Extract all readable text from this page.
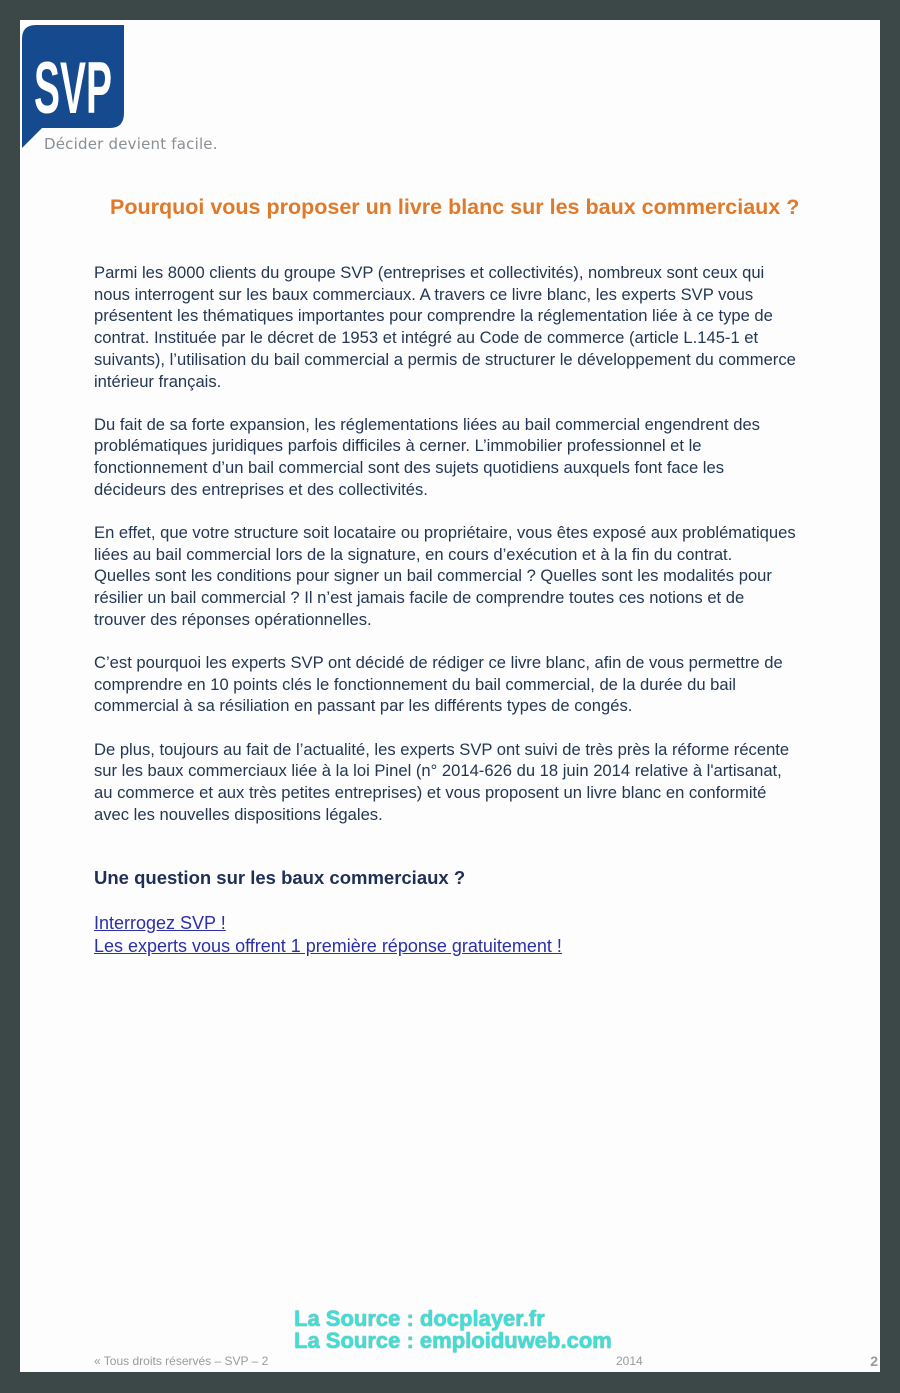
SVP
Décider devient facile.
Pourquoi vous proposer un livre blanc sur les baux commerciaux ?

Parmi les 8000 clients du groupe SVP (entreprises et collectivités), nombreux sont ceux qui
nous interrogent sur les baux commerciaux. A travers ce livre blanc, les experts SVP vous
présentent les thématiques importantes pour comprendre la réglementation liée à ce type de
contrat. Instituée par le décret de 1953 et intégré au Code de commerce (article L.145-1 et
suivants), l’utilisation du bail commercial a permis de structurer le développement du commerce
intérieur français.

Du fait de sa forte expansion, les réglementations liées au bail commercial engendrent des
problématiques juridiques parfois difficiles à cerner. L’immobilier professionnel et le
fonctionnement d’un bail commercial sont des sujets quotidiens auxquels font face les
décideurs des entreprises et des collectivités.

En effet, que votre structure soit locataire ou propriétaire, vous êtes exposé aux problématiques
liées au bail commercial lors de la signature, en cours d’exécution et à la fin du contrat.
Quelles sont les conditions pour signer un bail commercial ? Quelles sont les modalités pour
résilier un bail commercial ? Il n’est jamais facile de comprendre toutes ces notions et de
trouver des réponses opérationnelles.

C’est pourquoi les experts SVP ont décidé de rédiger ce livre blanc, afin de vous permettre de
comprendre en 10 points clés le fonctionnement du bail commercial, de la durée du bail
commercial à sa résiliation en passant par les différents types de congés.

De plus, toujours au fait de l’actualité, les experts SVP ont suivi de très près la réforme récente
sur les baux commerciaux liée à la loi Pinel (n° 2014-626 du 18 juin 2014 relative à l'artisanat,
au commerce et aux très petites entreprises) et vous proposent un livre blanc en conformité
avec les nouvelles dispositions légales.

Une question sur les baux commerciaux ?
Interrogez SVP !
Les experts vous offrent 1 première réponse gratuitement !
« Tous droits réservés – SVP – 2	2014	2
La Source : docplayer.fr
La Source : emploiduweb.com
